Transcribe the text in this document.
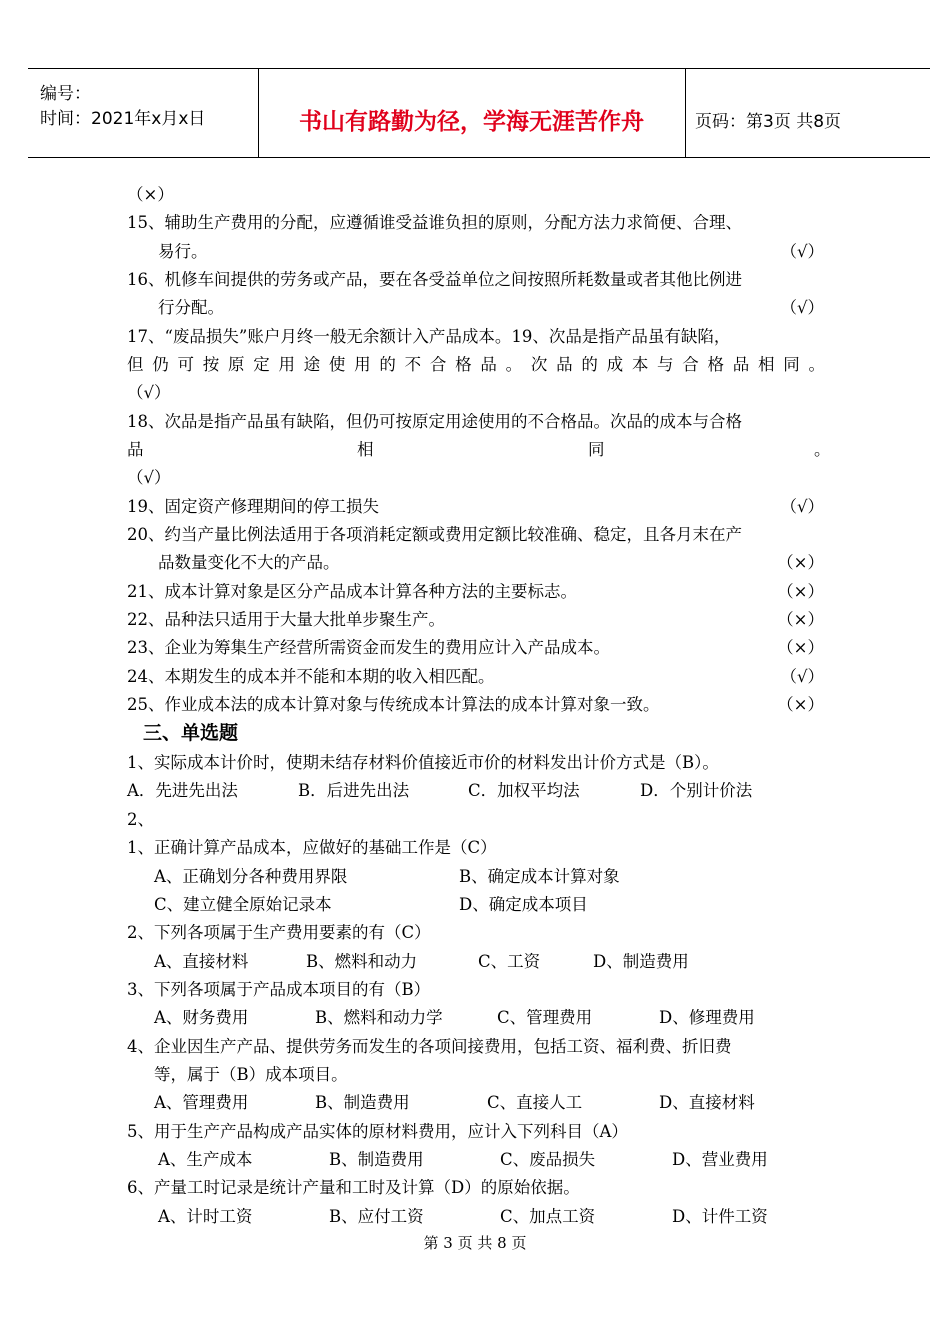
编号：
时间：2021年x月x日	书山有路勤为径，学海无涯苦作舟	页码：第3页 共8页
（×）
15、辅助生产费用的分配，应遵循谁受益谁负担的原则，分配方法力求简便、合理、
易行。	（√）
16、机修车间提供的劳务或产品，要在各受益单位之间按照所耗数量或者其他比例进
行分配。	（√）
17、“废品损失”账户月终一般无余额计入产品成本。19、次品是指产品虽有缺陷，
但仍可按原定用途使用的不合格品。次品的成本与合格品相同。
（√）
18、次品是指产品虽有缺陷，但仍可按原定用途使用的不合格品。次品的成本与合格
品	相	同	。
（√）
19、固定资产修理期间的停工损失	（√）
20、约当产量比例法适用于各项消耗定额或费用定额比较准确、稳定，且各月末在产
品数量变化不大的产品。	（×）
21、成本计算对象是区分产品成本计算各种方法的主要标志。	（×）
22、品种法只适用于大量大批单步聚生产。	（×）
23、企业为筹集生产经营所需资金而发生的费用应计入产品成本。	（×）
24、本期发生的成本并不能和本期的收入相匹配。	（√）
25、作业成本法的成本计算对象与传统成本计算法的成本计算对象一致。	（×）
三、单选题
1、实际成本计价时，使期未结存材料价值接近市价的材料发出计价方式是（B）。
A．先进先出法	B．后进先出法	C．加权平均法	D．个别计价法
2、
1、正确计算产品成本，应做好的基础工作是（C）
A、正确划分各种费用界限	B、确定成本计算对象
C、建立健全原始记录本	D、确定成本项目
2、下列各项属于生产费用要素的有（C）
A、直接材料	B、燃料和动力	C、工资	D、制造费用
3、下列各项属于产品成本项目的有（B）
A、财务费用	B、燃料和动力学	C、管理费用	D、修理费用
4、企业因生产产品、提供劳务而发生的各项间接费用，包括工资、福利费、折旧费
等，属于（B）成本项目。
A、管理费用	B、制造费用	C、直接人工	D、直接材料
5、用于生产产品构成产品实体的原材料费用，应计入下列科目（A）
A、生产成本	B、制造费用	C、废品损失	D、营业费用
6、产量工时记录是统计产量和工时及计算（D）的原始依据。
A、计时工资	B、应付工资	C、加点工资	D、计件工资
第 3 页 共 8 页
